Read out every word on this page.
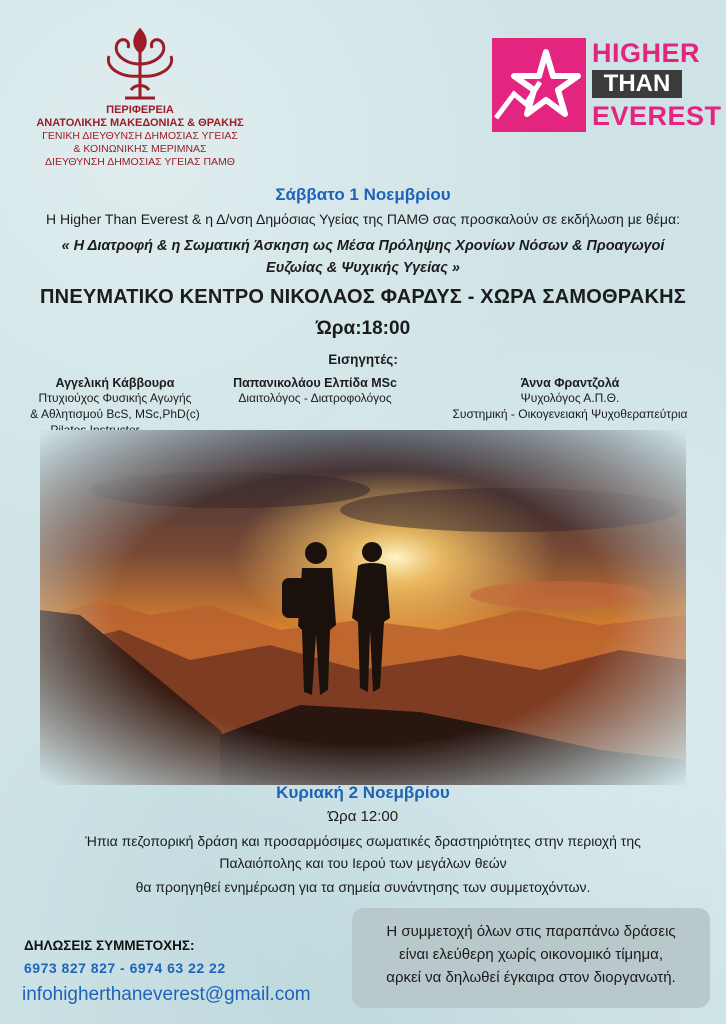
ΠΕΡΙΦΕΡΕΙΑ
ΑΝΑΤΟΛΙΚΗΣ ΜΑΚΕΔΟΝΙΑΣ & ΘΡΑΚΗΣ
ΓΕΝΙΚΗ ΔΙΕΥΘΥΝΣΗ ΔΗΜΟΣΙΑΣ ΥΓΕΙΑΣ
& ΚΟΙΝΩΝΙΚΗΣ ΜΕΡΙΜΝΑΣ
ΔΙΕΥΘΥΝΣΗ ΔΗΜΟΣΙΑΣ ΥΓΕΙΑΣ ΠΑΜΘ
HIGHER
THAN
EVEREST
Σάββατο 1 Νοεμβρίου
Η Higher Than Everest & η Δ/νση Δημόσιας Υγείας της ΠΑΜΘ σας προσκαλούν σε εκδήλωση με θέμα:
« Η Διατροφή & η Σωματική Άσκηση ως Μέσα Πρόληψης Χρονίων Νόσων & Προαγωγοί
Ευζωίας & Ψυχικής Υγείας »
ΠΝΕΥΜΑΤΙΚΟ ΚΕΝΤΡΟ ΝΙΚΟΛΑΟΣ ΦΑΡΔΥΣ - ΧΩΡΑ ΣΑΜΟΘΡΑΚΗΣ
Ώρα:18:00
Εισηγητές:
Αγγελική Κάββουρα
Πτυχιούχος Φυσικής Αγωγής
& Αθλητισμού BcS, MSc,PhD(c)
Παπανικολάου Ελπίδα MSc
Διαιτολόγος - Διατροφολόγος
Άννα Φραντζολά
Ψυχολόγος Α.Π.Θ.
Συστημική - Οικογενειακή Ψυχοθεραπεύτρια
Κυριακή 2 Νοεμβρίου
Ώρα 12:00
Ήπια πεζοπορική δράση και προσαρμόσιμες σωματικές δραστηριότητες στην περιοχή της
Παλαιόπολης και του Ιερού των μεγάλων θεών
θα προηγηθεί ενημέρωση για τα σημεία συνάντησης των συμμετοχόντων.
ΔΗΛΩΣΕΙΣ ΣΥΜΜΕΤΟΧΗΣ:
6973 827 827 - 6974 63 22 22
infohigherthaneverest@gmail.com
Η συμμετοχή όλων στις παραπάνω δράσεις
είναι ελεύθερη χωρίς οικονομικό τίμημα,
αρκεί να δηλωθεί έγκαιρα στον διοργανωτή.
